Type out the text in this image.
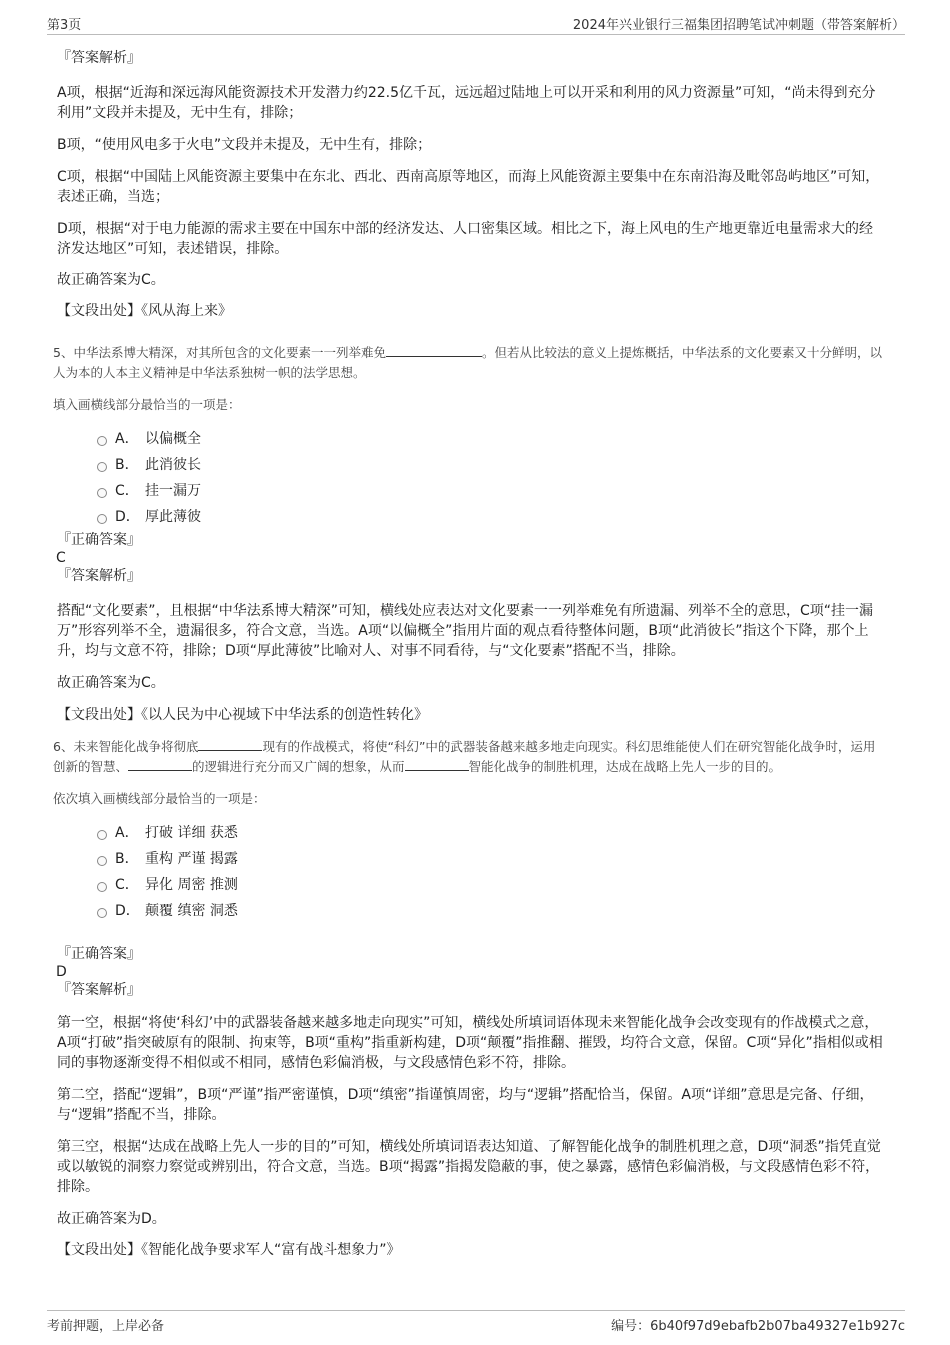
第3页	2024年兴业银行三福集团招聘笔试冲刺题（带答案解析）

『答案解析』

A项，根据“近海和深远海风能资源技术开发潜力约22.5亿千瓦，远远超过陆地上可以开采和利用的风力资源量”可知，“尚未得到充分利用”文段并未提及，无中生有，排除；

B项，“使用风电多于火电”文段并未提及，无中生有，排除；

C项，根据“中国陆上风能资源主要集中在东北、西北、西南高原等地区，而海上风能资源主要集中在东南沿海及毗邻岛屿地区”可知，表述正确，当选；

D项，根据“对于电力能源的需求主要在中国东中部的经济发达、人口密集区域。相比之下，海上风电的生产地更靠近电量需求大的经济发达地区”可知，表述错误，排除。

故正确答案为C。

【文段出处】《风从海上来》

5、中华法系博大精深，对其所包含的文化要素一一列举难免	。但若从比较法的意义上提炼概括，中华法系的文化要素又十分鲜明，以人为本的人本主义精神是中华法系独树一帜的法学思想。

填入画横线部分最恰当的一项是：

A． 以偏概全
B． 此消彼长
C． 挂一漏万
D． 厚此薄彼

『正确答案』

C

『答案解析』

搭配“文化要素”，且根据“中华法系博大精深”可知，横线处应表达对文化要素一一列举难免有所遗漏、列举不全的意思，C项“挂一漏万”形容列举不全，遗漏很多，符合文意，当选。A项“以偏概全”指用片面的观点看待整体问题，B项“此消彼长”指这个下降，那个上升，均与文意不符，排除；D项“厚此薄彼”比喻对人、对事不同看待，与“文化要素”搭配不当，排除。

故正确答案为C。

【文段出处】《以人民为中心视域下中华法系的创造性转化》

6、未来智能化战争将彻底	现有的作战模式，将使“科幻”中的武器装备越来越多地走向现实。科幻思维能使人们在研究智能化战争时，运用创新的智慧、	的逻辑进行充分而又广阔的想象，从而	智能化战争的制胜机理，达成在战略上先人一步的目的。

依次填入画横线部分最恰当的一项是：

A． 打破 详细 获悉
B． 重构 严谨 揭露
C． 异化 周密 推测
D． 颠覆 缜密 洞悉

『正确答案』

D

『答案解析』

第一空，根据“将使‘科幻’中的武器装备越来越多地走向现实”可知，横线处所填词语体现未来智能化战争会改变现有的作战模式之意，A项“打破”指突破原有的限制、拘束等，B项“重构”指重新构建，D项“颠覆”指推翻、摧毁，均符合文意，保留。C项“异化”指相似或相同的事物逐渐变得不相似或不相同，感情色彩偏消极，与文段感情色彩不符，排除。

第二空，搭配“逻辑”，B项“严谨”指严密谨慎，D项“缜密”指谨慎周密，均与“逻辑”搭配恰当，保留。A项“详细”意思是完备、仔细，与“逻辑”搭配不当，排除。

第三空，根据“达成在战略上先人一步的目的”可知，横线处所填词语表达知道、了解智能化战争的制胜机理之意，D项“洞悉”指凭直觉或以敏锐的洞察力察觉或辨别出，符合文意，当选。B项“揭露”指揭发隐蔽的事，使之暴露，感情色彩偏消极，与文段感情色彩不符，排除。

故正确答案为D。

【文段出处】《智能化战争要求军人“富有战斗想象力”》

考前押题，上岸必备	编号：6b40f97d9ebafb2b07ba49327e1b927c
